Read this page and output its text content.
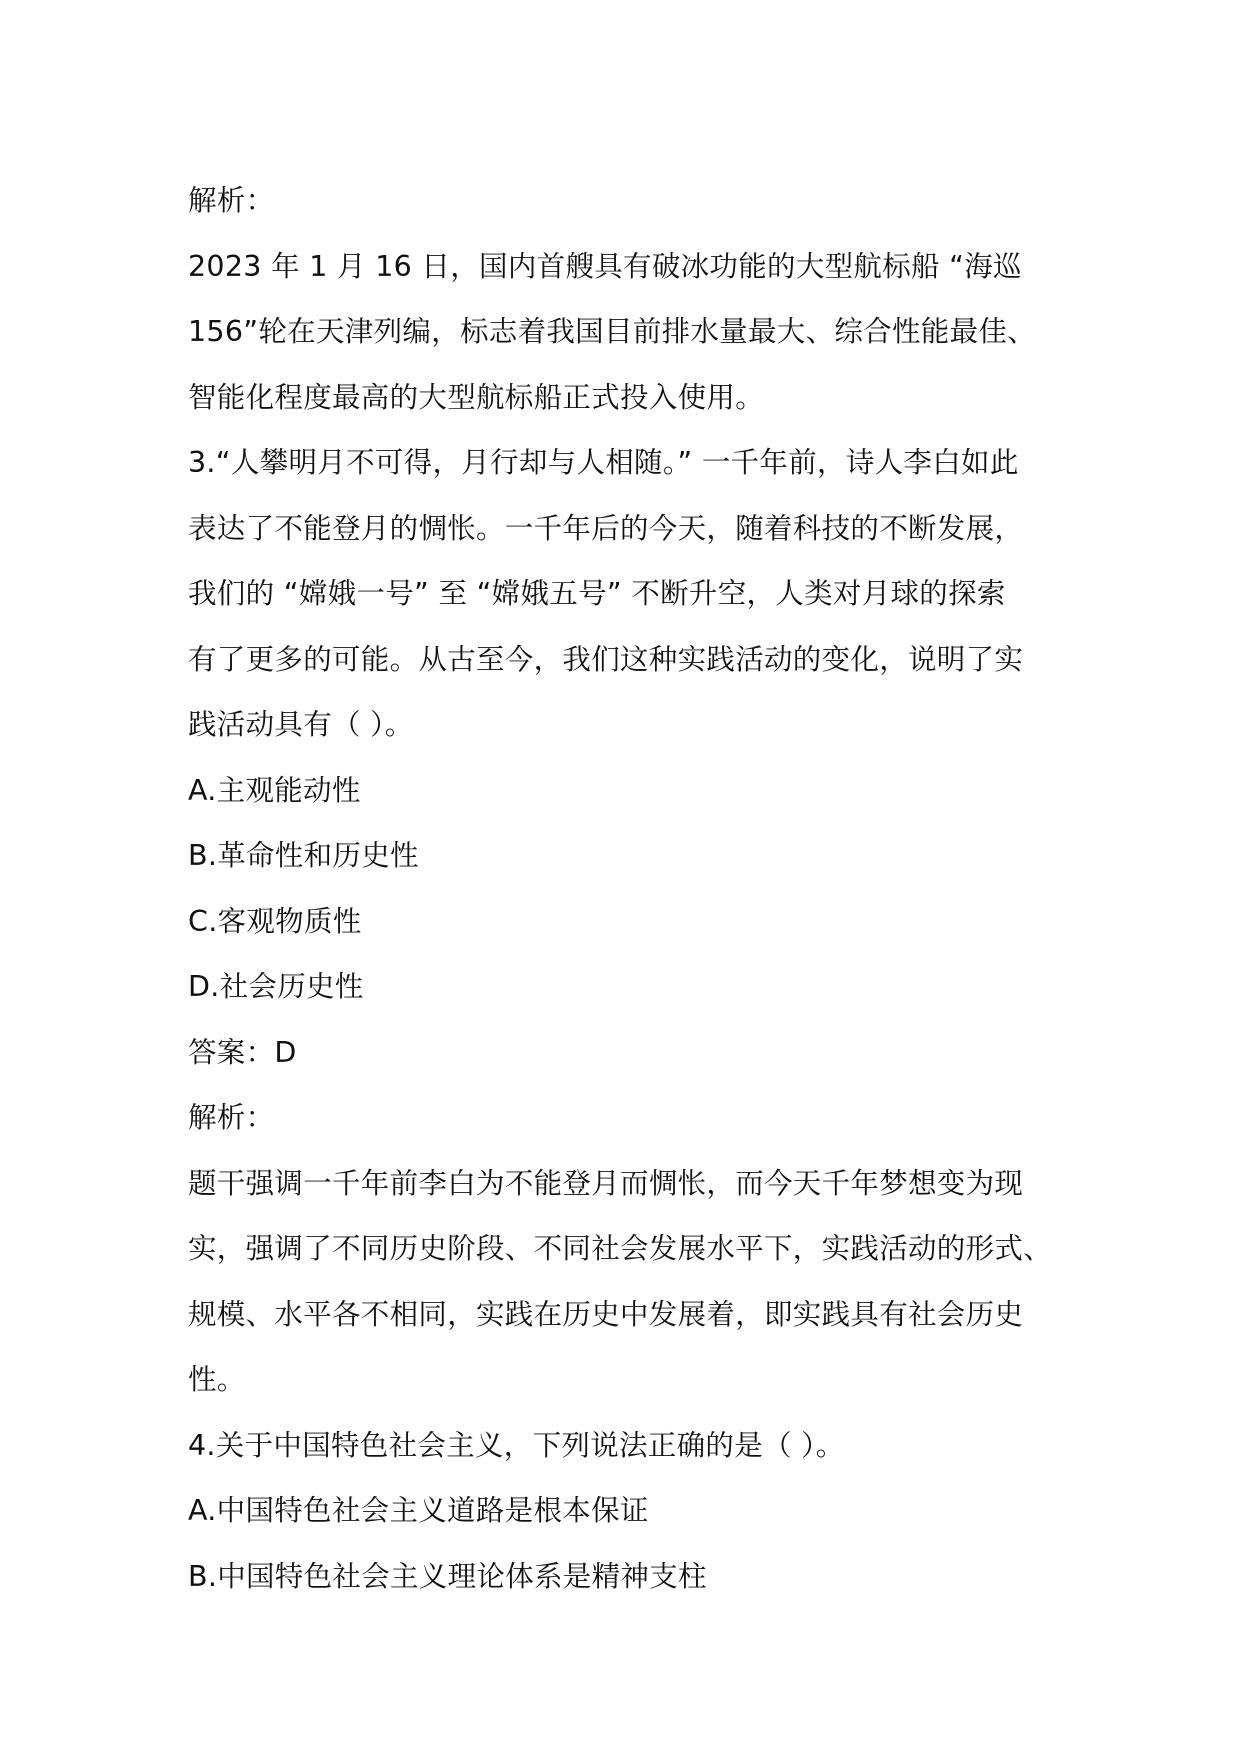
解析：
2023 年 1 月 16 日，国内首艘具有破冰功能的大型航标船 “海巡
156”轮在天津列编，标志着我国目前排水量最大、综合性能最佳、
智能化程度最高的大型航标船正式投入使用。
3.“人攀明月不可得，月行却与人相随。” 一千年前，诗人李白如此
表达了不能登月的惆怅。一千年后的今天，随着科技的不断发展，
我们的 “嫦娥一号” 至 “嫦娥五号” 不断升空，人类对月球的探索
有了更多的可能。从古至今，我们这种实践活动的变化，说明了实
践活动具有（ ）。
A.主观能动性
B.革命性和历史性
C.客观物质性
D.社会历史性
答案：D
解析：
题干强调一千年前李白为不能登月而惆怅，而今天千年梦想变为现
实，强调了不同历史阶段、不同社会发展水平下，实践活动的形式、
规模、水平各不相同，实践在历史中发展着，即实践具有社会历史
性。
4.关于中国特色社会主义，下列说法正确的是（ ）。
A.中国特色社会主义道路是根本保证
B.中国特色社会主义理论体系是精神支柱
